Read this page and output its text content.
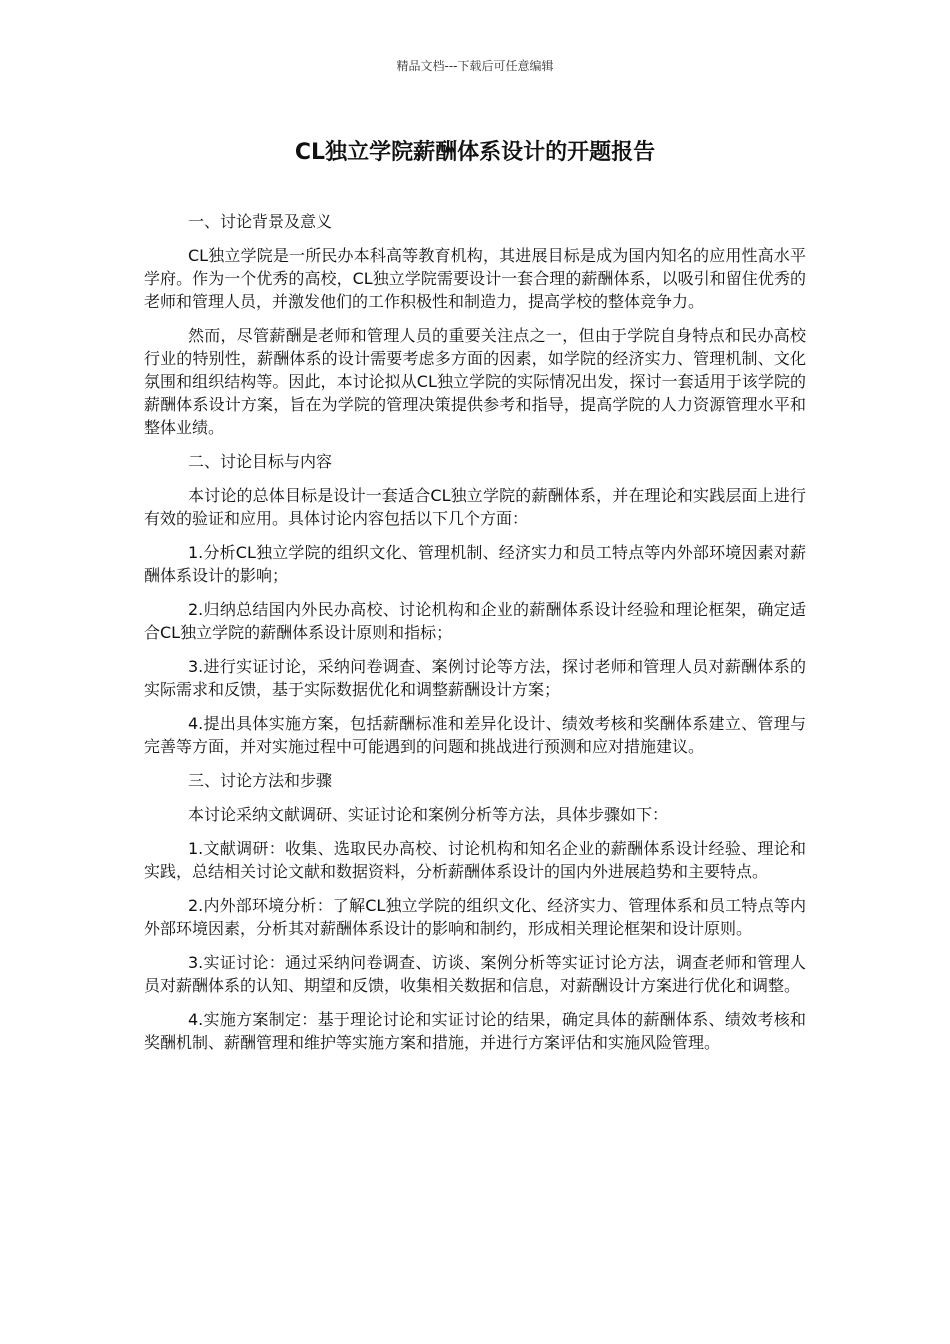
精品文档---下载后可任意编辑
CL独立学院薪酬体系设计的开题报告

一、讨论背景及意义

CL独立学院是一所民办本科高等教育机构，其进展目标是成为国内知名的应用性高水平学府。作为一个优秀的高校，CL独立学院需要设计一套合理的薪酬体系，以吸引和留住优秀的老师和管理人员，并激发他们的工作积极性和制造力，提高学校的整体竞争力。

然而，尽管薪酬是老师和管理人员的重要关注点之一，但由于学院自身特点和民办高校行业的特别性，薪酬体系的设计需要考虑多方面的因素，如学院的经济实力、管理机制、文化氛围和组织结构等。因此，本讨论拟从CL独立学院的实际情况出发，探讨一套适用于该学院的薪酬体系设计方案，旨在为学院的管理决策提供参考和指导，提高学院的人力资源管理水平和整体业绩。

二、讨论目标与内容

本讨论的总体目标是设计一套适合CL独立学院的薪酬体系，并在理论和实践层面上进行有效的验证和应用。具体讨论内容包括以下几个方面：

1.分析CL独立学院的组织文化、管理机制、经济实力和员工特点等内外部环境因素对薪酬体系设计的影响；

2.归纳总结国内外民办高校、讨论机构和企业的薪酬体系设计经验和理论框架，确定适合CL独立学院的薪酬体系设计原则和指标；

3.进行实证讨论，采纳问卷调查、案例讨论等方法，探讨老师和管理人员对薪酬体系的实际需求和反馈，基于实际数据优化和调整薪酬设计方案；

4.提出具体实施方案，包括薪酬标准和差异化设计、绩效考核和奖酬体系建立、管理与完善等方面，并对实施过程中可能遇到的问题和挑战进行预测和应对措施建议。

三、讨论方法和步骤

本讨论采纳文献调研、实证讨论和案例分析等方法，具体步骤如下：

1.文献调研：收集、选取民办高校、讨论机构和知名企业的薪酬体系设计经验、理论和实践，总结相关讨论文献和数据资料，分析薪酬体系设计的国内外进展趋势和主要特点。

2.内外部环境分析：了解CL独立学院的组织文化、经济实力、管理体系和员工特点等内外部环境因素，分析其对薪酬体系设计的影响和制约，形成相关理论框架和设计原则。

3.实证讨论：通过采纳问卷调查、访谈、案例分析等实证讨论方法，调查老师和管理人员对薪酬体系的认知、期望和反馈，收集相关数据和信息，对薪酬设计方案进行优化和调整。

4.实施方案制定：基于理论讨论和实证讨论的结果，确定具体的薪酬体系、绩效考核和奖酬机制、薪酬管理和维护等实施方案和措施，并进行方案评估和实施风险管理。
